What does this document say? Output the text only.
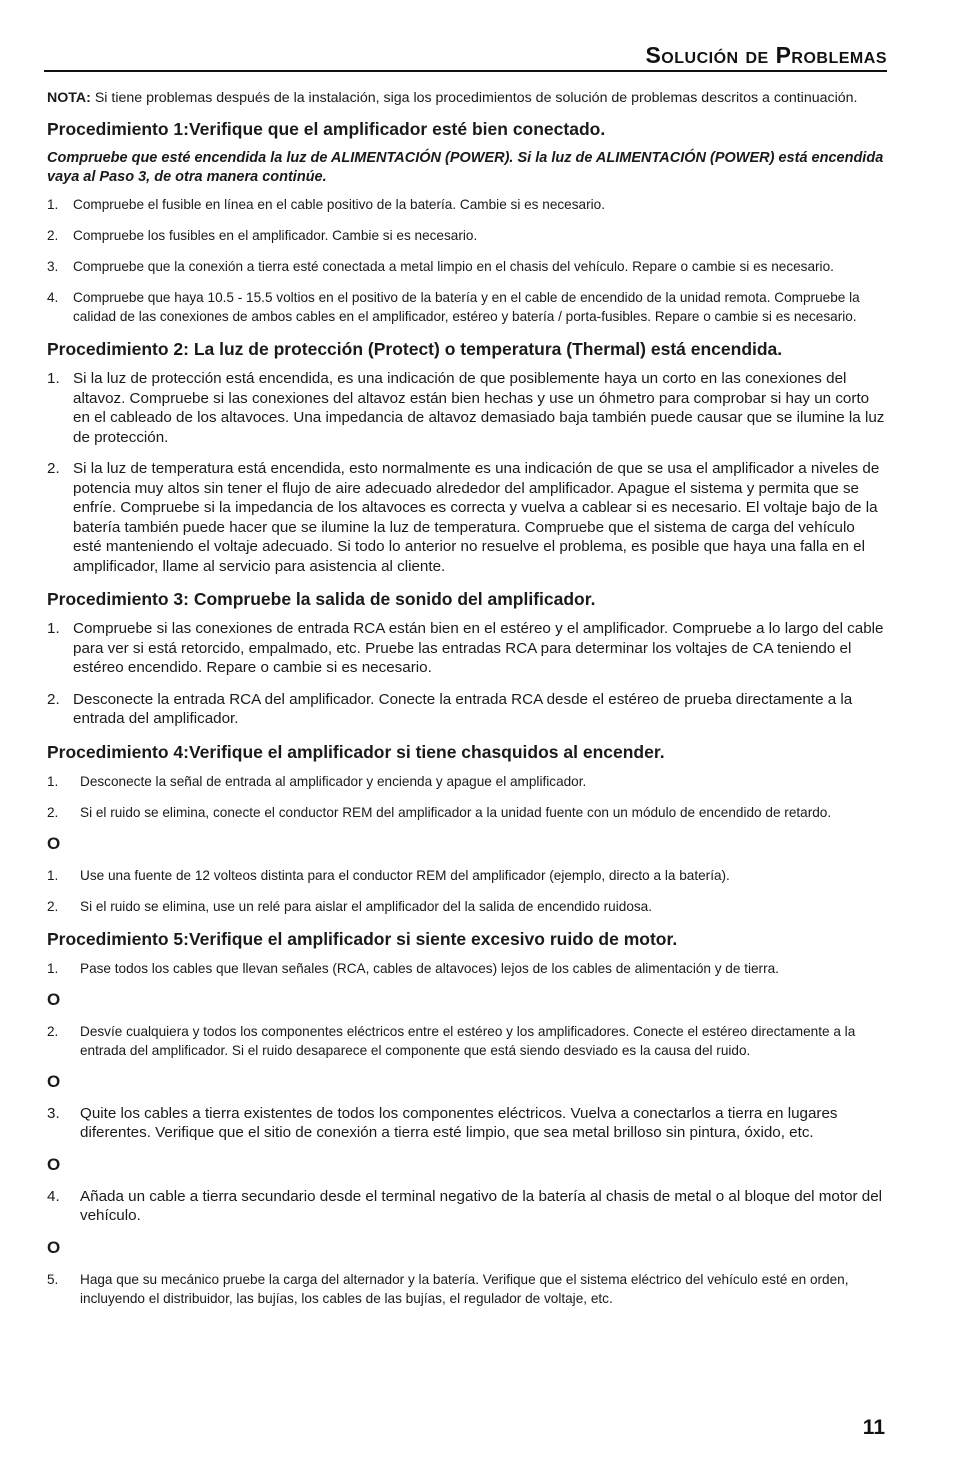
Solución de Problemas

NOTA: Si tiene problemas después de la instalación, siga los procedimientos de solución de problemas descritos a continuación.

Procedimiento 1:Verifique que el amplificador esté bien conectado.

Compruebe que esté encendida la luz de ALIMENTACIÓN (POWER). Si la luz de ALIMENTACIÓN (POWER) está encendida vaya al Paso 3, de otra manera continúe.

1. Compruebe el fusible en línea en el cable positivo de la batería. Cambie si es necesario.
2. Compruebe los fusibles en el amplificador. Cambie si es necesario.
3. Compruebe que la conexión a tierra esté conectada a metal limpio en el chasis del vehículo. Repare o cambie si es necesario.
4. Compruebe que haya 10.5 - 15.5 voltios en el positivo de la batería y en el cable de encendido de la unidad remota. Compruebe la calidad de las conexiones de ambos cables en el amplificador, estéreo y batería / porta-fusibles. Repare o cambie si es necesario.
Procedimiento 2: La luz de protección (Protect) o temperatura (Thermal) está encendida.
1. Si la luz de protección está encendida, es una indicación de que posiblemente haya un corto en las conexiones del altavoz. Compruebe si las conexiones del altavoz están bien hechas y use un óhmetro para comprobar si hay un corto en el cableado de los altavoces. Una impedancia de altavoz demasiado baja también puede causar que se ilumine la luz de protección.
2. Si la luz de temperatura está encendida, esto normalmente es una indicación de que se usa el amplificador a niveles de potencia muy altos sin tener el flujo de aire adecuado alrededor del amplificador. Apague el sistema y permita que se enfríe. Compruebe si la impedancia de los altavoces es correcta y vuelva a cablear si es necesario. El voltaje bajo de la batería también puede hacer que se ilumine la luz de temperatura. Compruebe que el sistema de carga del vehículo esté manteniendo el voltaje adecuado. Si todo lo anterior no resuelve el problema, es posible que haya una falla en el amplificador, llame al servicio para asistencia al cliente.
Procedimiento 3: Compruebe la salida de sonido del amplificador.
1. Compruebe si las conexiones de entrada RCA están bien en el estéreo y el amplificador. Compruebe a lo largo del cable para ver si está retorcido, empalmado, etc. Pruebe las entradas RCA para determinar los voltajes de CA teniendo el estéreo encendido. Repare o cambie si es necesario.
2. Desconecte la entrada RCA del amplificador. Conecte la entrada RCA desde el estéreo de prueba directamente a la entrada del amplificador.
Procedimiento 4:Verifique el amplificador si tiene chasquidos al encender.
1. Desconecte la señal de entrada al amplificador y encienda y apague el amplificador.
2. Si el ruido se elimina, conecte el conductor REM del amplificador a la unidad fuente con un módulo de encendido de retardo.
O
1. Use una fuente de 12 volteos distinta para el conductor REM del amplificador (ejemplo, directo a la batería).
2. Si el ruido se elimina, use un relé para aislar el amplificador del la salida de encendido ruidosa.
Procedimiento 5:Verifique el amplificador si siente excesivo ruido de motor.
1. Pase todos los cables que llevan señales (RCA, cables de altavoces) lejos de los cables de alimentación y de tierra.
O
2. Desvíe cualquiera y todos los componentes eléctricos entre el estéreo y los amplificadores. Conecte el estéreo directamente a la entrada del amplificador. Si el ruido desaparece el componente que está siendo desviado es la causa del ruido.
O
3. Quite los cables a tierra existentes de todos los componentes eléctricos. Vuelva a conectarlos a tierra en lugares diferentes. Verifique que el sitio de conexión a tierra esté limpio, que sea metal brilloso sin pintura, óxido, etc.
O
4. Añada un cable a tierra secundario desde el terminal negativo de la batería al chasis de metal o al bloque del motor del vehículo.
O
5. Haga que su mecánico pruebe la carga del alternador y la batería. Verifique que el sistema eléctrico del vehículo esté en orden, incluyendo el distribuidor, las bujías, los cables de las bujías, el regulador de voltaje, etc.
11
